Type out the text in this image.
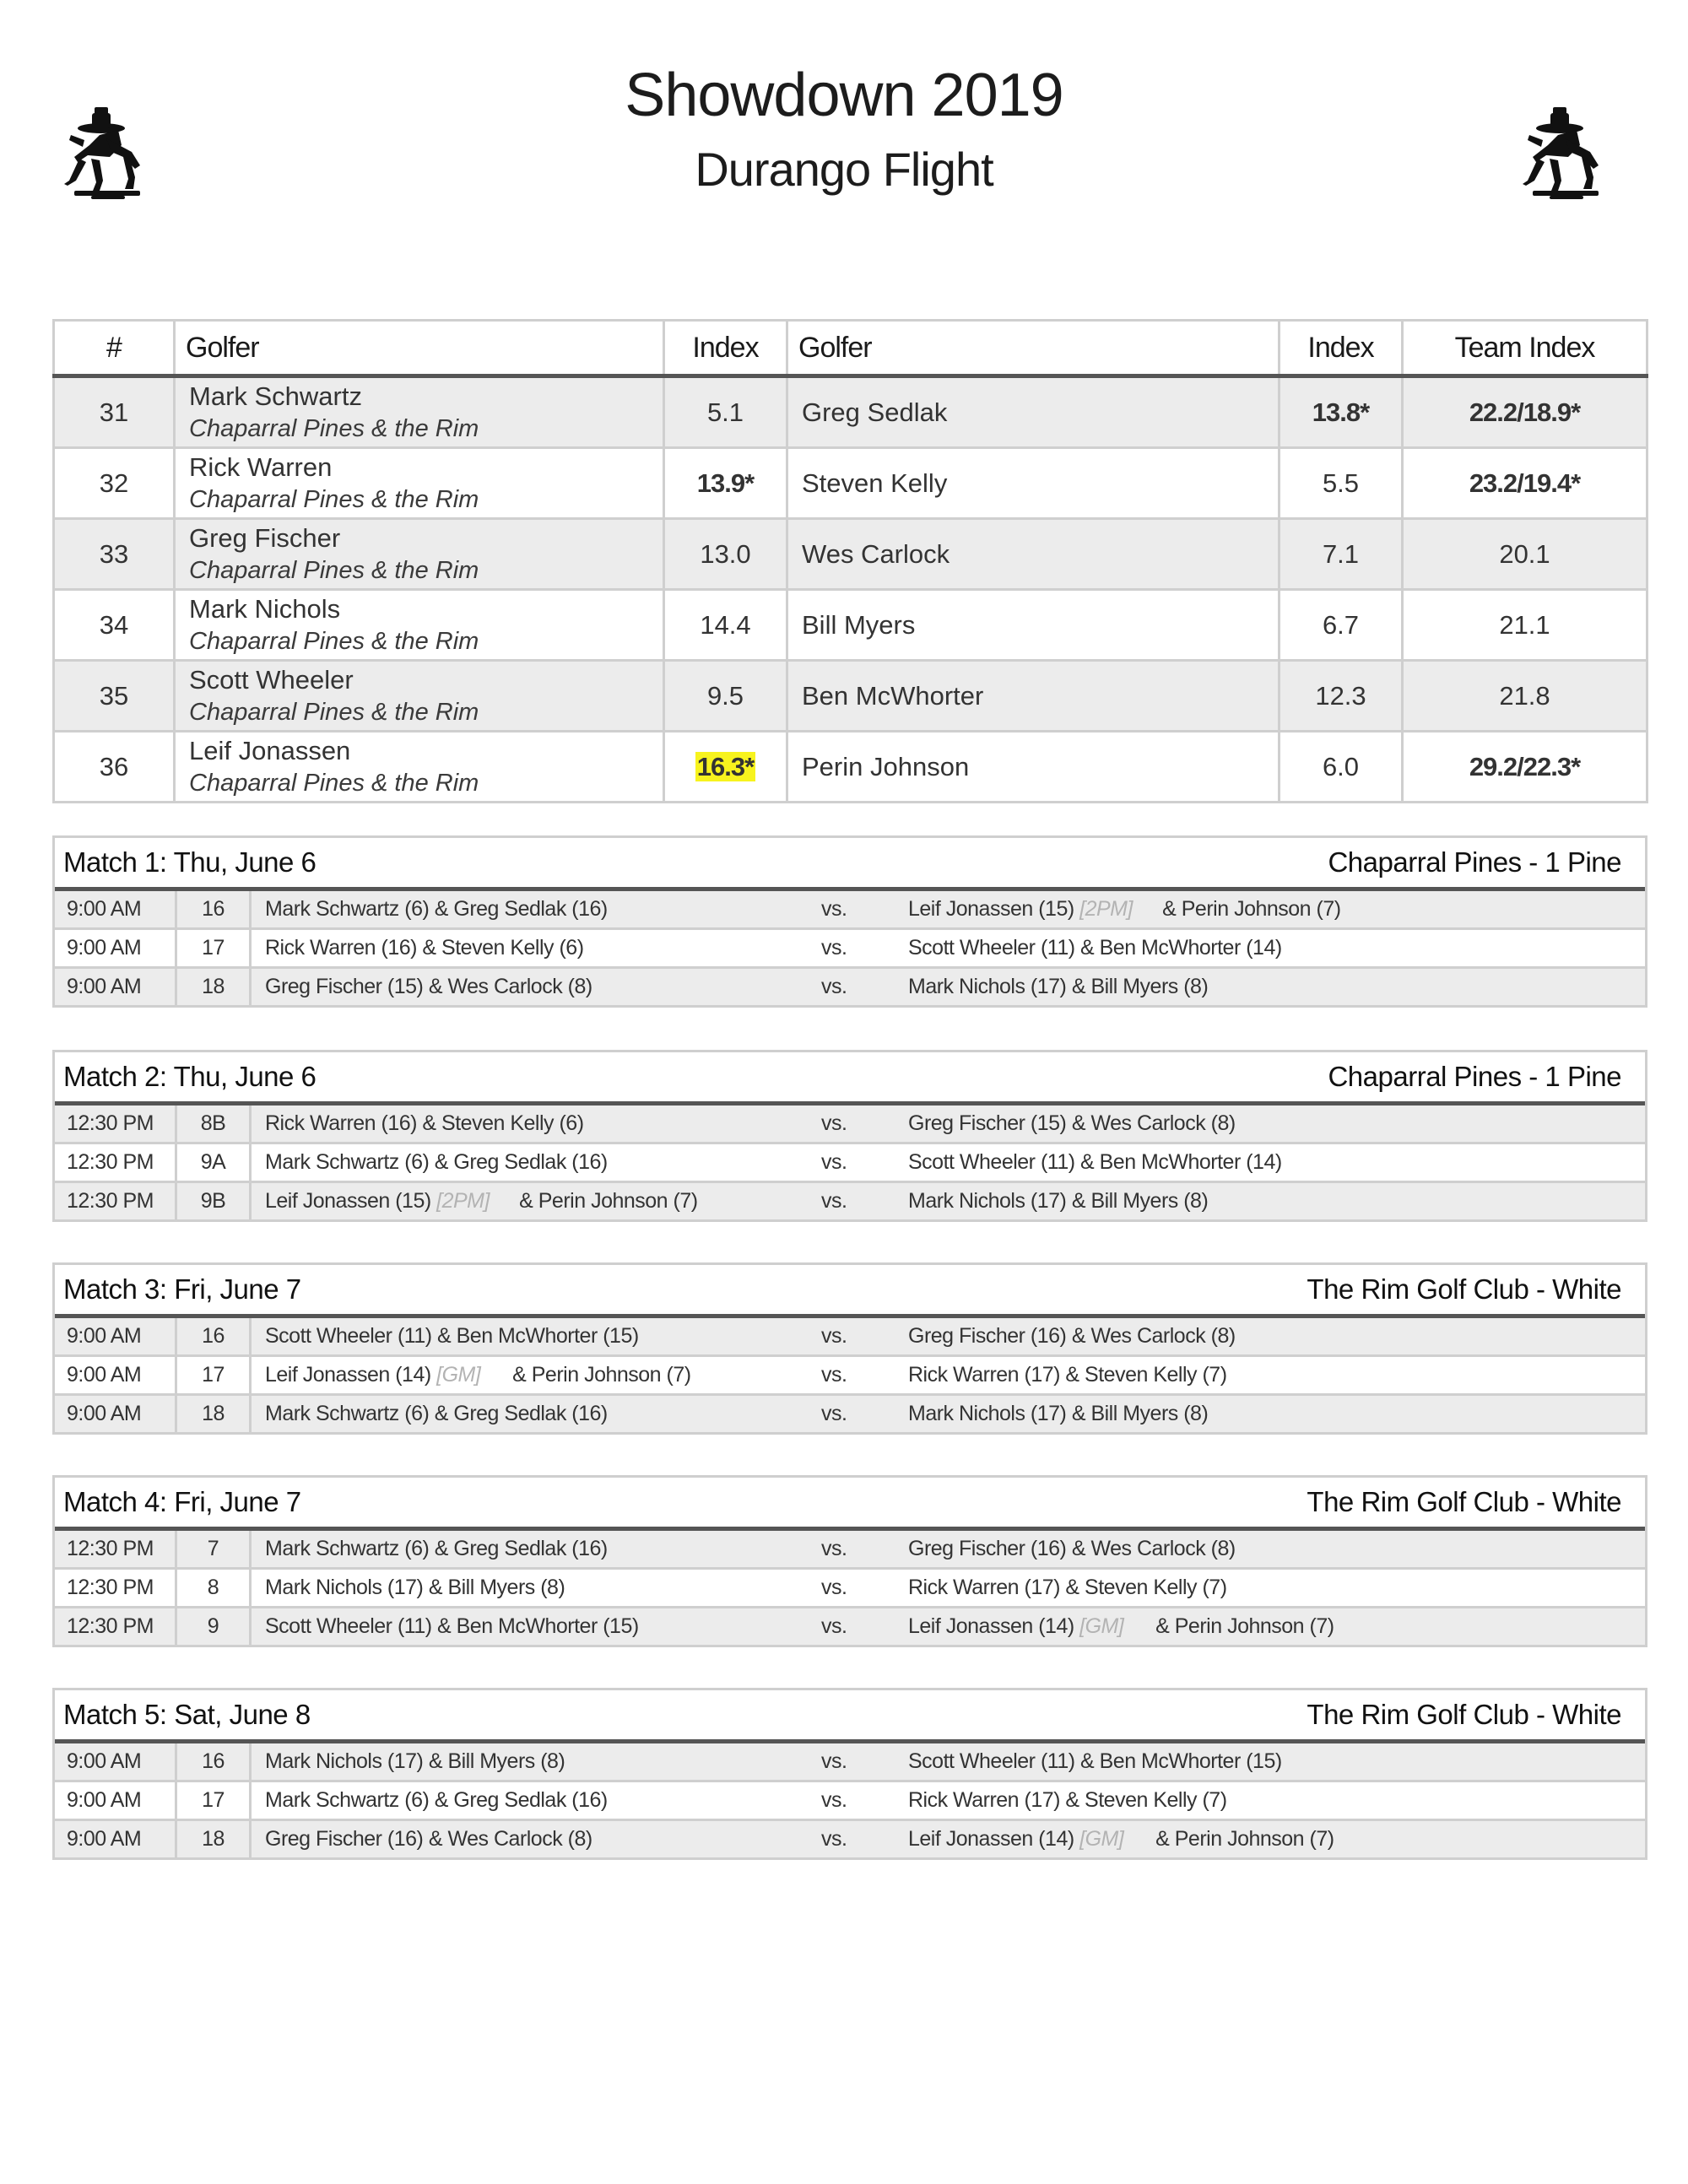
Showdown 2019
Durango Flight
#	Golfer	Index	Golfer	Index	Team Index
31	Mark Schwartz
Chaparral Pines & the Rim	5.1	Greg Sedlak	13.8*	22.2/18.9*
32	Rick Warren
Chaparral Pines & the Rim	13.9*	Steven Kelly	5.5	23.2/19.4*
33	Greg Fischer
Chaparral Pines & the Rim	13.0	Wes Carlock	7.1	20.1
34	Mark Nichols
Chaparral Pines & the Rim	14.4	Bill Myers	6.7	21.1
35	Scott Wheeler
Chaparral Pines & the Rim	9.5	Ben McWhorter	12.3	21.8
36	Leif Jonassen
Chaparral Pines & the Rim	16.3*	Perin Johnson	6.0	29.2/22.3*
Match 1: Thu, June 6	Chaparral Pines - 1 Pine
9:00 AM	16	Mark Schwartz (6) & Greg Sedlak (16)	vs.	Leif Jonassen (15) [2PM] & Perin Johnson (7)
9:00 AM	17	Rick Warren (16) & Steven Kelly (6)	vs.	Scott Wheeler (11) & Ben McWhorter (14)
9:00 AM	18	Greg Fischer (15) & Wes Carlock (8)	vs.	Mark Nichols (17) & Bill Myers (8)
Match 2: Thu, June 6	Chaparral Pines - 1 Pine
12:30 PM	8B	Rick Warren (16) & Steven Kelly (6)	vs.	Greg Fischer (15) & Wes Carlock (8)
12:30 PM	9A	Mark Schwartz (6) & Greg Sedlak (16)	vs.	Scott Wheeler (11) & Ben McWhorter (14)
12:30 PM	9B	Leif Jonassen (15) [2PM] & Perin Johnson (7)	vs.	Mark Nichols (17) & Bill Myers (8)
Match 3: Fri, June 7	The Rim Golf Club - White
9:00 AM	16	Scott Wheeler (11) & Ben McWhorter (15)	vs.	Greg Fischer (16) & Wes Carlock (8)
9:00 AM	17	Leif Jonassen (14) [GM] & Perin Johnson (7)	vs.	Rick Warren (17) & Steven Kelly (7)
9:00 AM	18	Mark Schwartz (6) & Greg Sedlak (16)	vs.	Mark Nichols (17) & Bill Myers (8)
Match 4: Fri, June 7	The Rim Golf Club - White
12:30 PM	7	Mark Schwartz (6) & Greg Sedlak (16)	vs.	Greg Fischer (16) & Wes Carlock (8)
12:30 PM	8	Mark Nichols (17) & Bill Myers (8)	vs.	Rick Warren (17) & Steven Kelly (7)
12:30 PM	9	Scott Wheeler (11) & Ben McWhorter (15)	vs.	Leif Jonassen (14) [GM] & Perin Johnson (7)
Match 5: Sat, June 8	The Rim Golf Club - White
9:00 AM	16	Mark Nichols (17) & Bill Myers (8)	vs.	Scott Wheeler (11) & Ben McWhorter (15)
9:00 AM	17	Mark Schwartz (6) & Greg Sedlak (16)	vs.	Rick Warren (17) & Steven Kelly (7)
9:00 AM	18	Greg Fischer (16) & Wes Carlock (8)	vs.	Leif Jonassen (14) [GM] & Perin Johnson (7)
